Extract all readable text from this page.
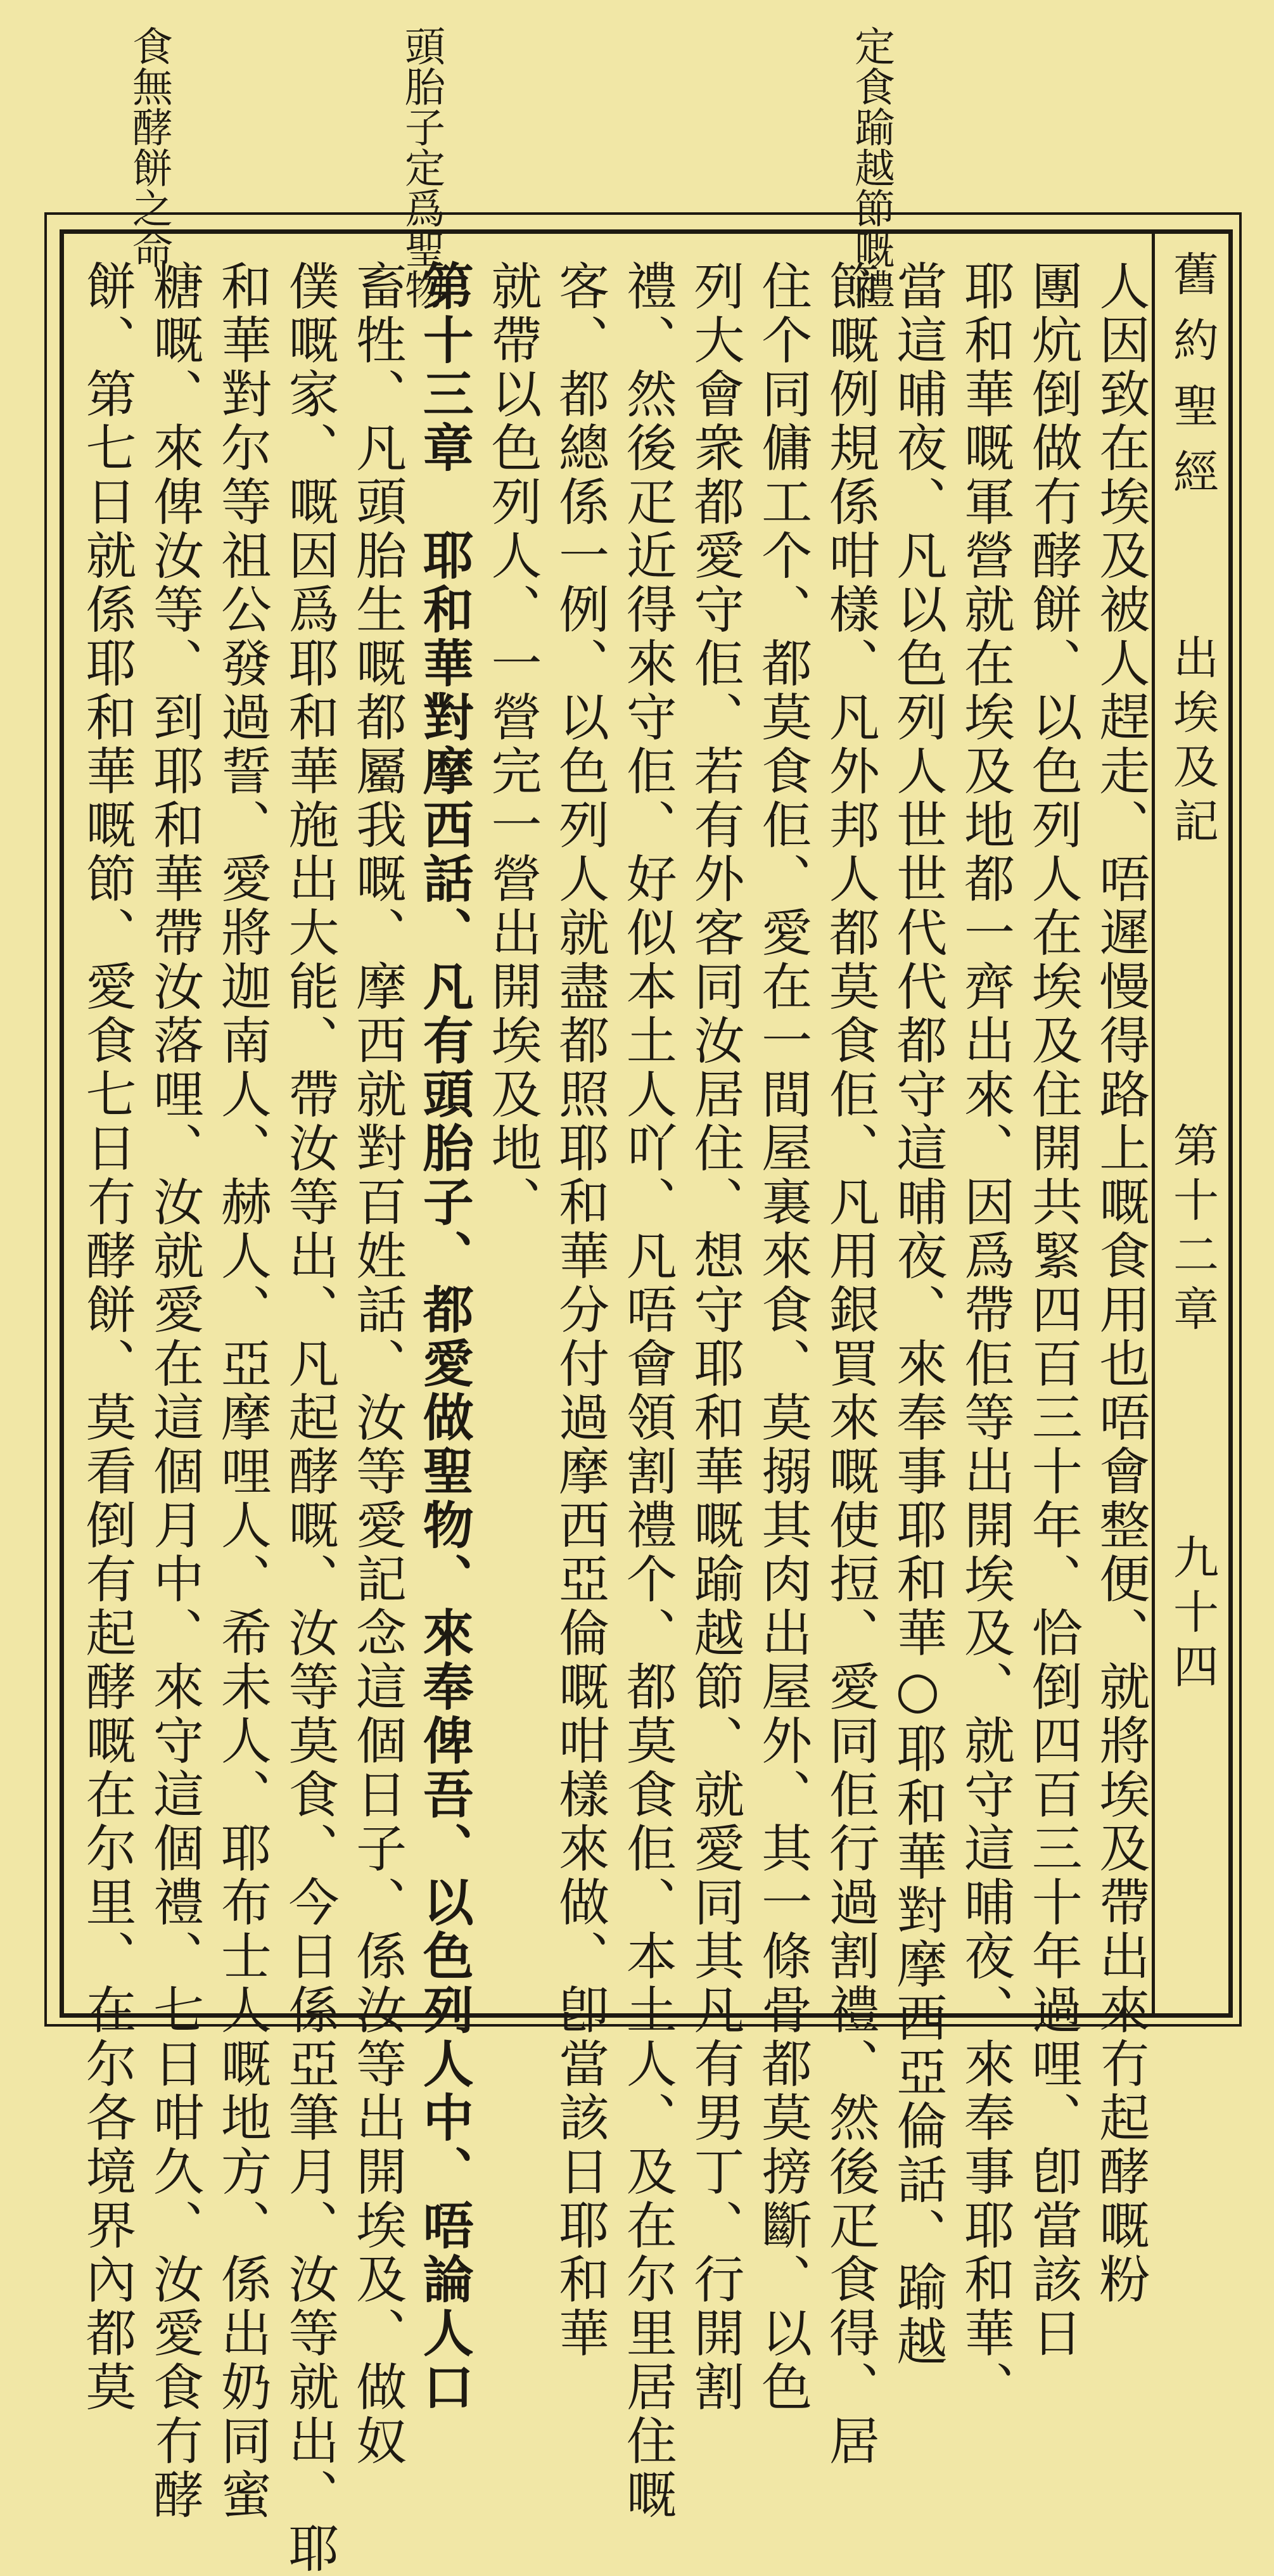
定食踰越節嘅禮
頭胎子定爲聖物
食無酵餅之命
舊約聖經
出埃及記
第十二章
九十四
人因致在埃及被人趕走、唔遲慢得路上嘅食用也唔會整便、就將埃及帶出來冇起酵嘅粉
團炕倒做冇酵餅、以色列人在埃及住開共緊四百三十年、恰倒四百三十年過哩、卽當該日
耶和華嘅軍營就在埃及地都一齊出來、因爲帶佢等出開埃及、就守這晡夜、來奉事耶和華、
當這晡夜、凡以色列人世世代代都守這晡夜、來奉事耶和華○耶和華對摩西亞倫話、踰越
節嘅例規係咁樣、凡外邦人都莫食佢、凡用銀買來嘅使𢭃、愛同佢行過割禮、然後疋食得、居
住个同傭工个、都莫食佢、愛在一間屋裏來食、莫搦其肉出屋外、其一條骨都莫搒斷、以色
列大會衆都愛守佢、若有外客同汝居住、想守耶和華嘅踰越節、就愛同其凡有男丁、行開割
禮、然後疋近得來守佢、好似本土人吖、凡唔會領割禮个、都莫食佢、本土人、及在尔里居住嘅
客、都總係一例、以色列人就盡都照耶和華分付過摩西亞倫嘅咁樣來做、卽當該日耶和華
就帶以色列人、一營完一營出開埃及地、
第十三章　耶和華對摩西話、凡有頭胎子、都愛做聖物、來奉俾吾、以色列人中、唔論人口
畜牲、凡頭胎生嘅都屬我嘅、摩西就對百姓話、汝等愛記念這個日子、係汝等出開埃及、做奴
僕嘅家、嘅因爲耶和華施出大能、帶汝等出、凡起酵嘅、汝等莫食、今日係亞筆月、汝等就出、耶
和華對尔等祖公發過誓、愛將迦南人、赫人、亞摩哩人、希未人、耶布士人嘅地方、係出奶同蜜
糖嘅、來俾汝等、到耶和華帶汝落哩、汝就愛在這個月中、來守這個禮、七日咁久、汝愛食冇酵
餅、第七日就係耶和華嘅節、愛食七日冇酵餅、莫看倒有起酵嘅在尔里、在尔各境界內都莫
